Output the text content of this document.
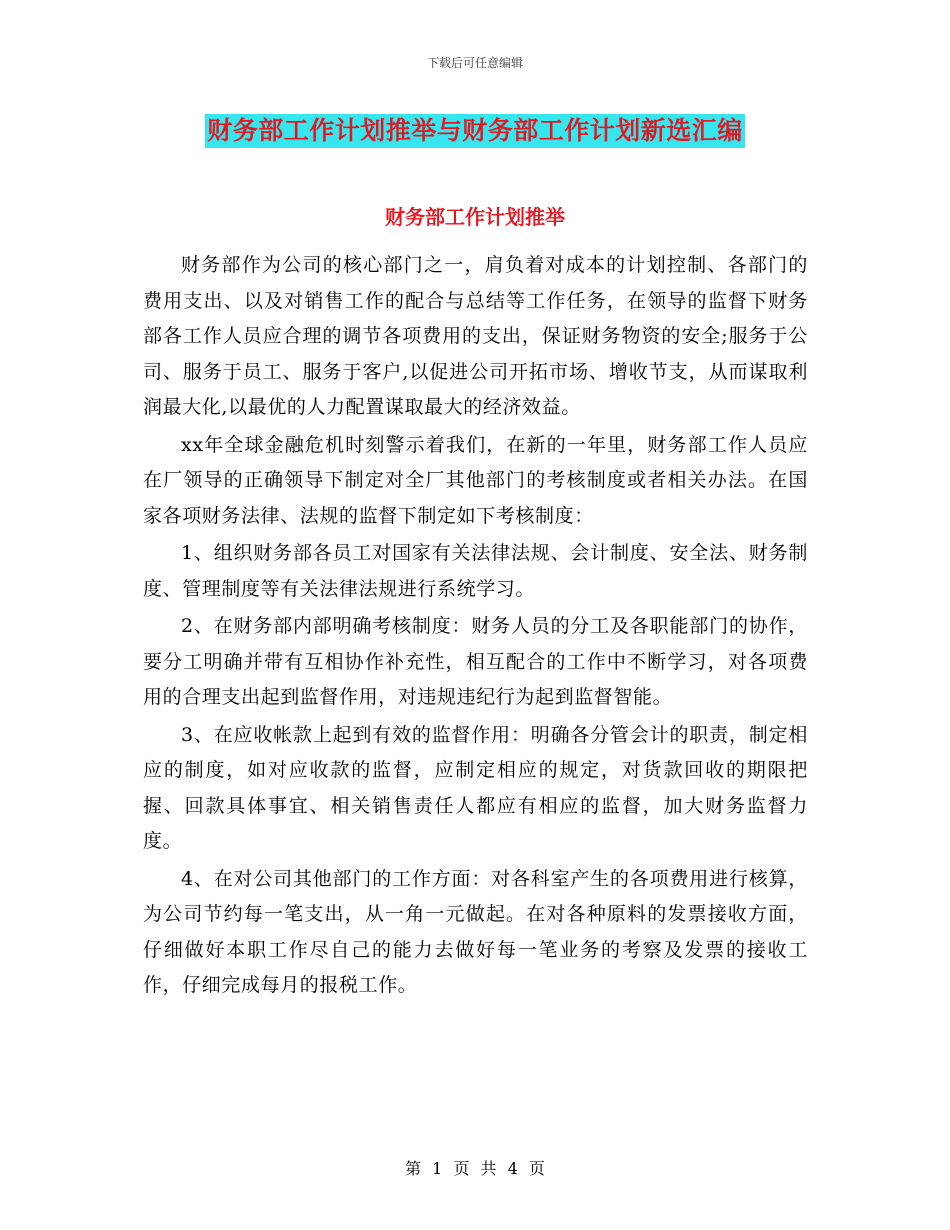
下载后可任意编辑
财务部工作计划推举与财务部工作计划新选汇编
财务部工作计划推举

财务部作为公司的核心部门之一，肩负着对成本的计划控制、各部门的费用支出、以及对销售工作的配合与总结等工作任务，在领导的监督下财务部各工作人员应合理的调节各项费用的支出，保证财务物资的安全;服务于公司、服务于员工、服务于客户,以促进公司开拓市场、增收节支，从而谋取利润最大化,以最优的人力配置谋取最大的经济效益。

xx年全球金融危机时刻警示着我们，在新的一年里，财务部工作人员应在厂领导的正确领导下制定对全厂其他部门的考核制度或者相关办法。在国家各项财务法律、法规的监督下制定如下考核制度：

1、组织财务部各员工对国家有关法律法规、会计制度、安全法、财务制度、管理制度等有关法律法规进行系统学习。

2、在财务部内部明确考核制度：财务人员的分工及各职能部门的协作，要分工明确并带有互相协作补充性，相互配合的工作中不断学习，对各项费用的合理支出起到监督作用，对违规违纪行为起到监督智能。

3、在应收帐款上起到有效的监督作用：明确各分管会计的职责，制定相应的制度，如对应收款的监督，应制定相应的规定，对货款回收的期限把握、回款具体事宜、相关销售责任人都应有相应的监督，加大财务监督力度。

4、在对公司其他部门的工作方面：对各科室产生的各项费用进行核算，为公司节约每一笔支出，从一角一元做起。在对各种原料的发票接收方面，仔细做好本职工作尽自己的能力去做好每一笔业务的考察及发票的接收工作，仔细完成每月的报税工作。

第 1 页 共 4 页
